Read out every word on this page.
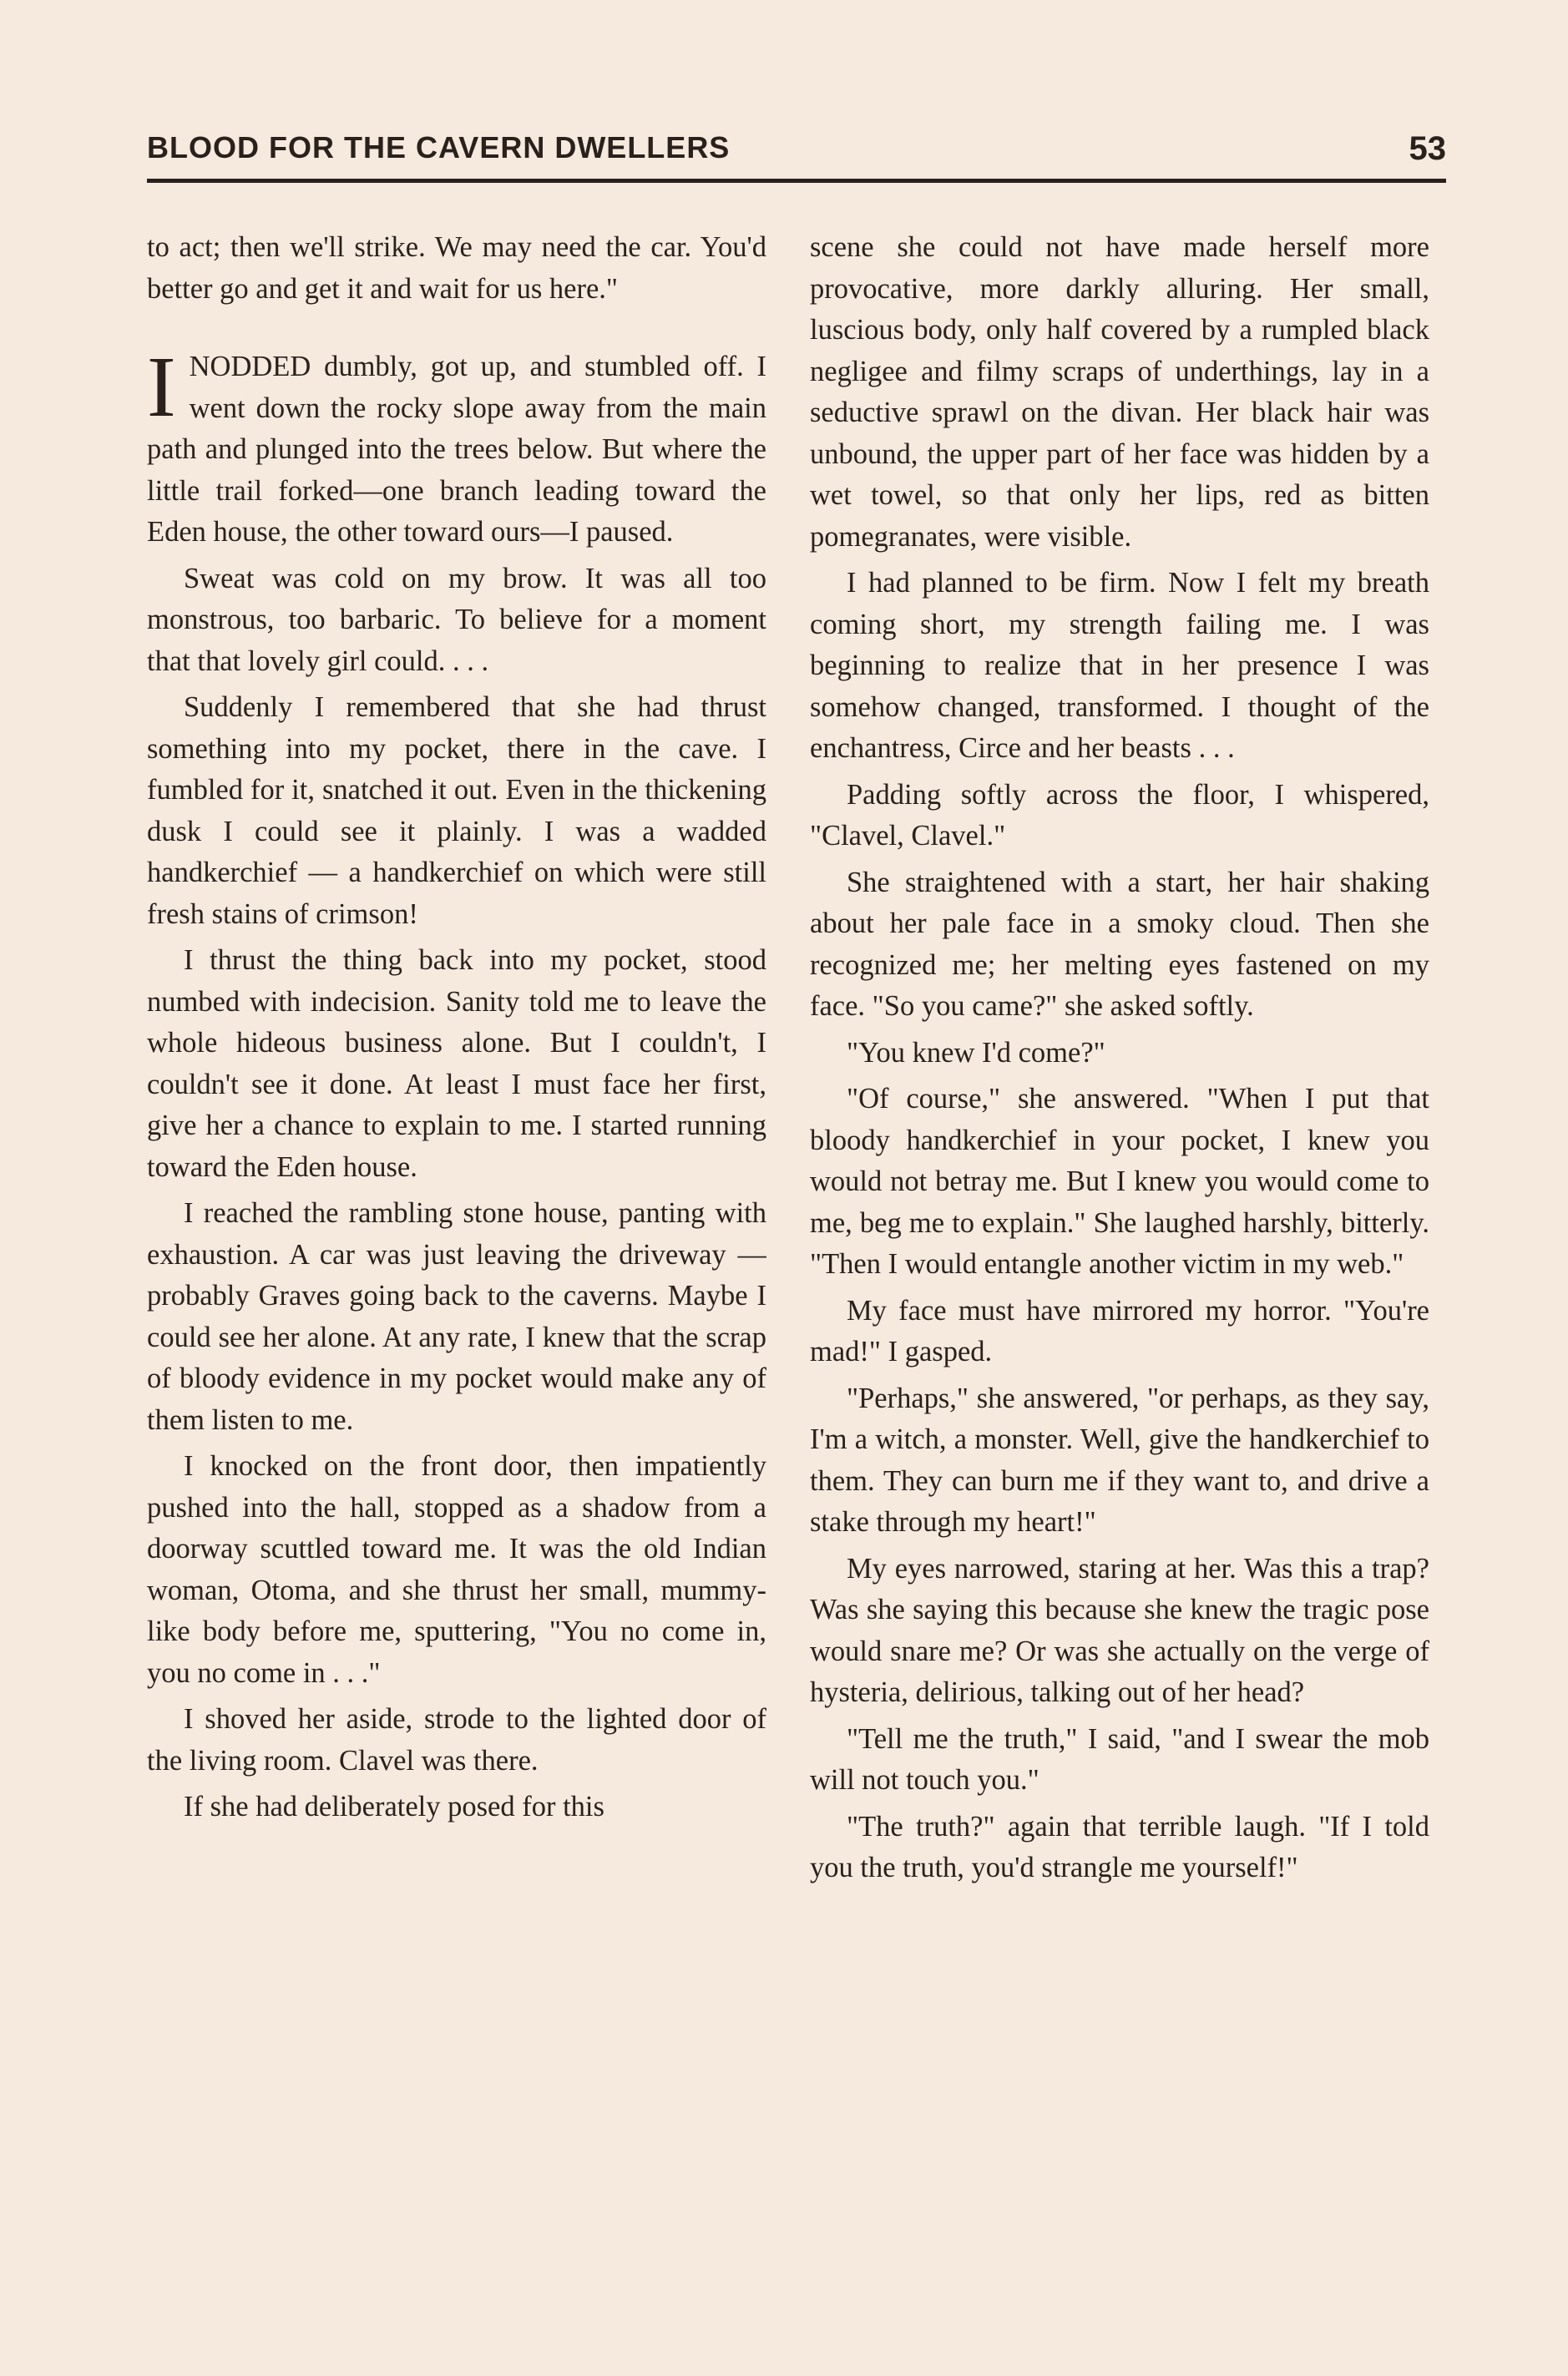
BLOOD FOR THE CAVERN DWELLERS	53

to act; then we'll strike. We may need the car. You'd better go and get it and wait for us here."

I NODDED dumbly, got up, and stumbled off. I went down the rocky slope away from the main path and plunged into the trees below. But where the little trail forked—one branch leading toward the Eden house, the other toward ours—I paused.

Sweat was cold on my brow. It was all too monstrous, too barbaric. To believe for a moment that that lovely girl could. . . .

Suddenly I remembered that she had thrust something into my pocket, there in the cave. I fumbled for it, snatched it out. Even in the thickening dusk I could see it plainly. I was a wadded handkerchief — a handkerchief on which were still fresh stains of crimson!

I thrust the thing back into my pocket, stood numbed with indecision. Sanity told me to leave the whole hideous business alone. But I couldn't, I couldn't see it done. At least I must face her first, give her a chance to explain to me. I started running toward the Eden house.

I reached the rambling stone house, panting with exhaustion. A car was just leaving the driveway — probably Graves going back to the caverns. Maybe I could see her alone. At any rate, I knew that the scrap of bloody evidence in my pocket would make any of them listen to me.

I knocked on the front door, then impatiently pushed into the hall, stopped as a shadow from a doorway scuttled toward me. It was the old Indian woman, Otoma, and she thrust her small, mummy-like body before me, sputtering, "You no come in, you no come in . . ."

I shoved her aside, strode to the lighted door of the living room. Clavel was there.

If she had deliberately posed for this

scene she could not have made herself more provocative, more darkly alluring. Her small, luscious body, only half covered by a rumpled black negligee and filmy scraps of underthings, lay in a seductive sprawl on the divan. Her black hair was unbound, the upper part of her face was hidden by a wet towel, so that only her lips, red as bitten pomegranates, were visible.

I had planned to be firm. Now I felt my breath coming short, my strength failing me. I was beginning to realize that in her presence I was somehow changed, transformed. I thought of the enchantress, Circe and her beasts . . .

Padding softly across the floor, I whispered, "Clavel, Clavel."

She straightened with a start, her hair shaking about her pale face in a smoky cloud. Then she recognized me; her melting eyes fastened on my face. "So you came?" she asked softly.

"You knew I'd come?"

"Of course," she answered. "When I put that bloody handkerchief in your pocket, I knew you would not betray me. But I knew you would come to me, beg me to explain." She laughed harshly, bitterly. "Then I would entangle another victim in my web."

My face must have mirrored my horror. "You're mad!" I gasped.

"Perhaps," she answered, "or perhaps, as they say, I'm a witch, a monster. Well, give the handkerchief to them. They can burn me if they want to, and drive a stake through my heart!"

My eyes narrowed, staring at her. Was this a trap? Was she saying this because she knew the tragic pose would snare me? Or was she actually on the verge of hysteria, delirious, talking out of her head?

"Tell me the truth," I said, "and I swear the mob will not touch you."

"The truth?" again that terrible laugh. "If I told you the truth, you'd strangle me yourself!"
